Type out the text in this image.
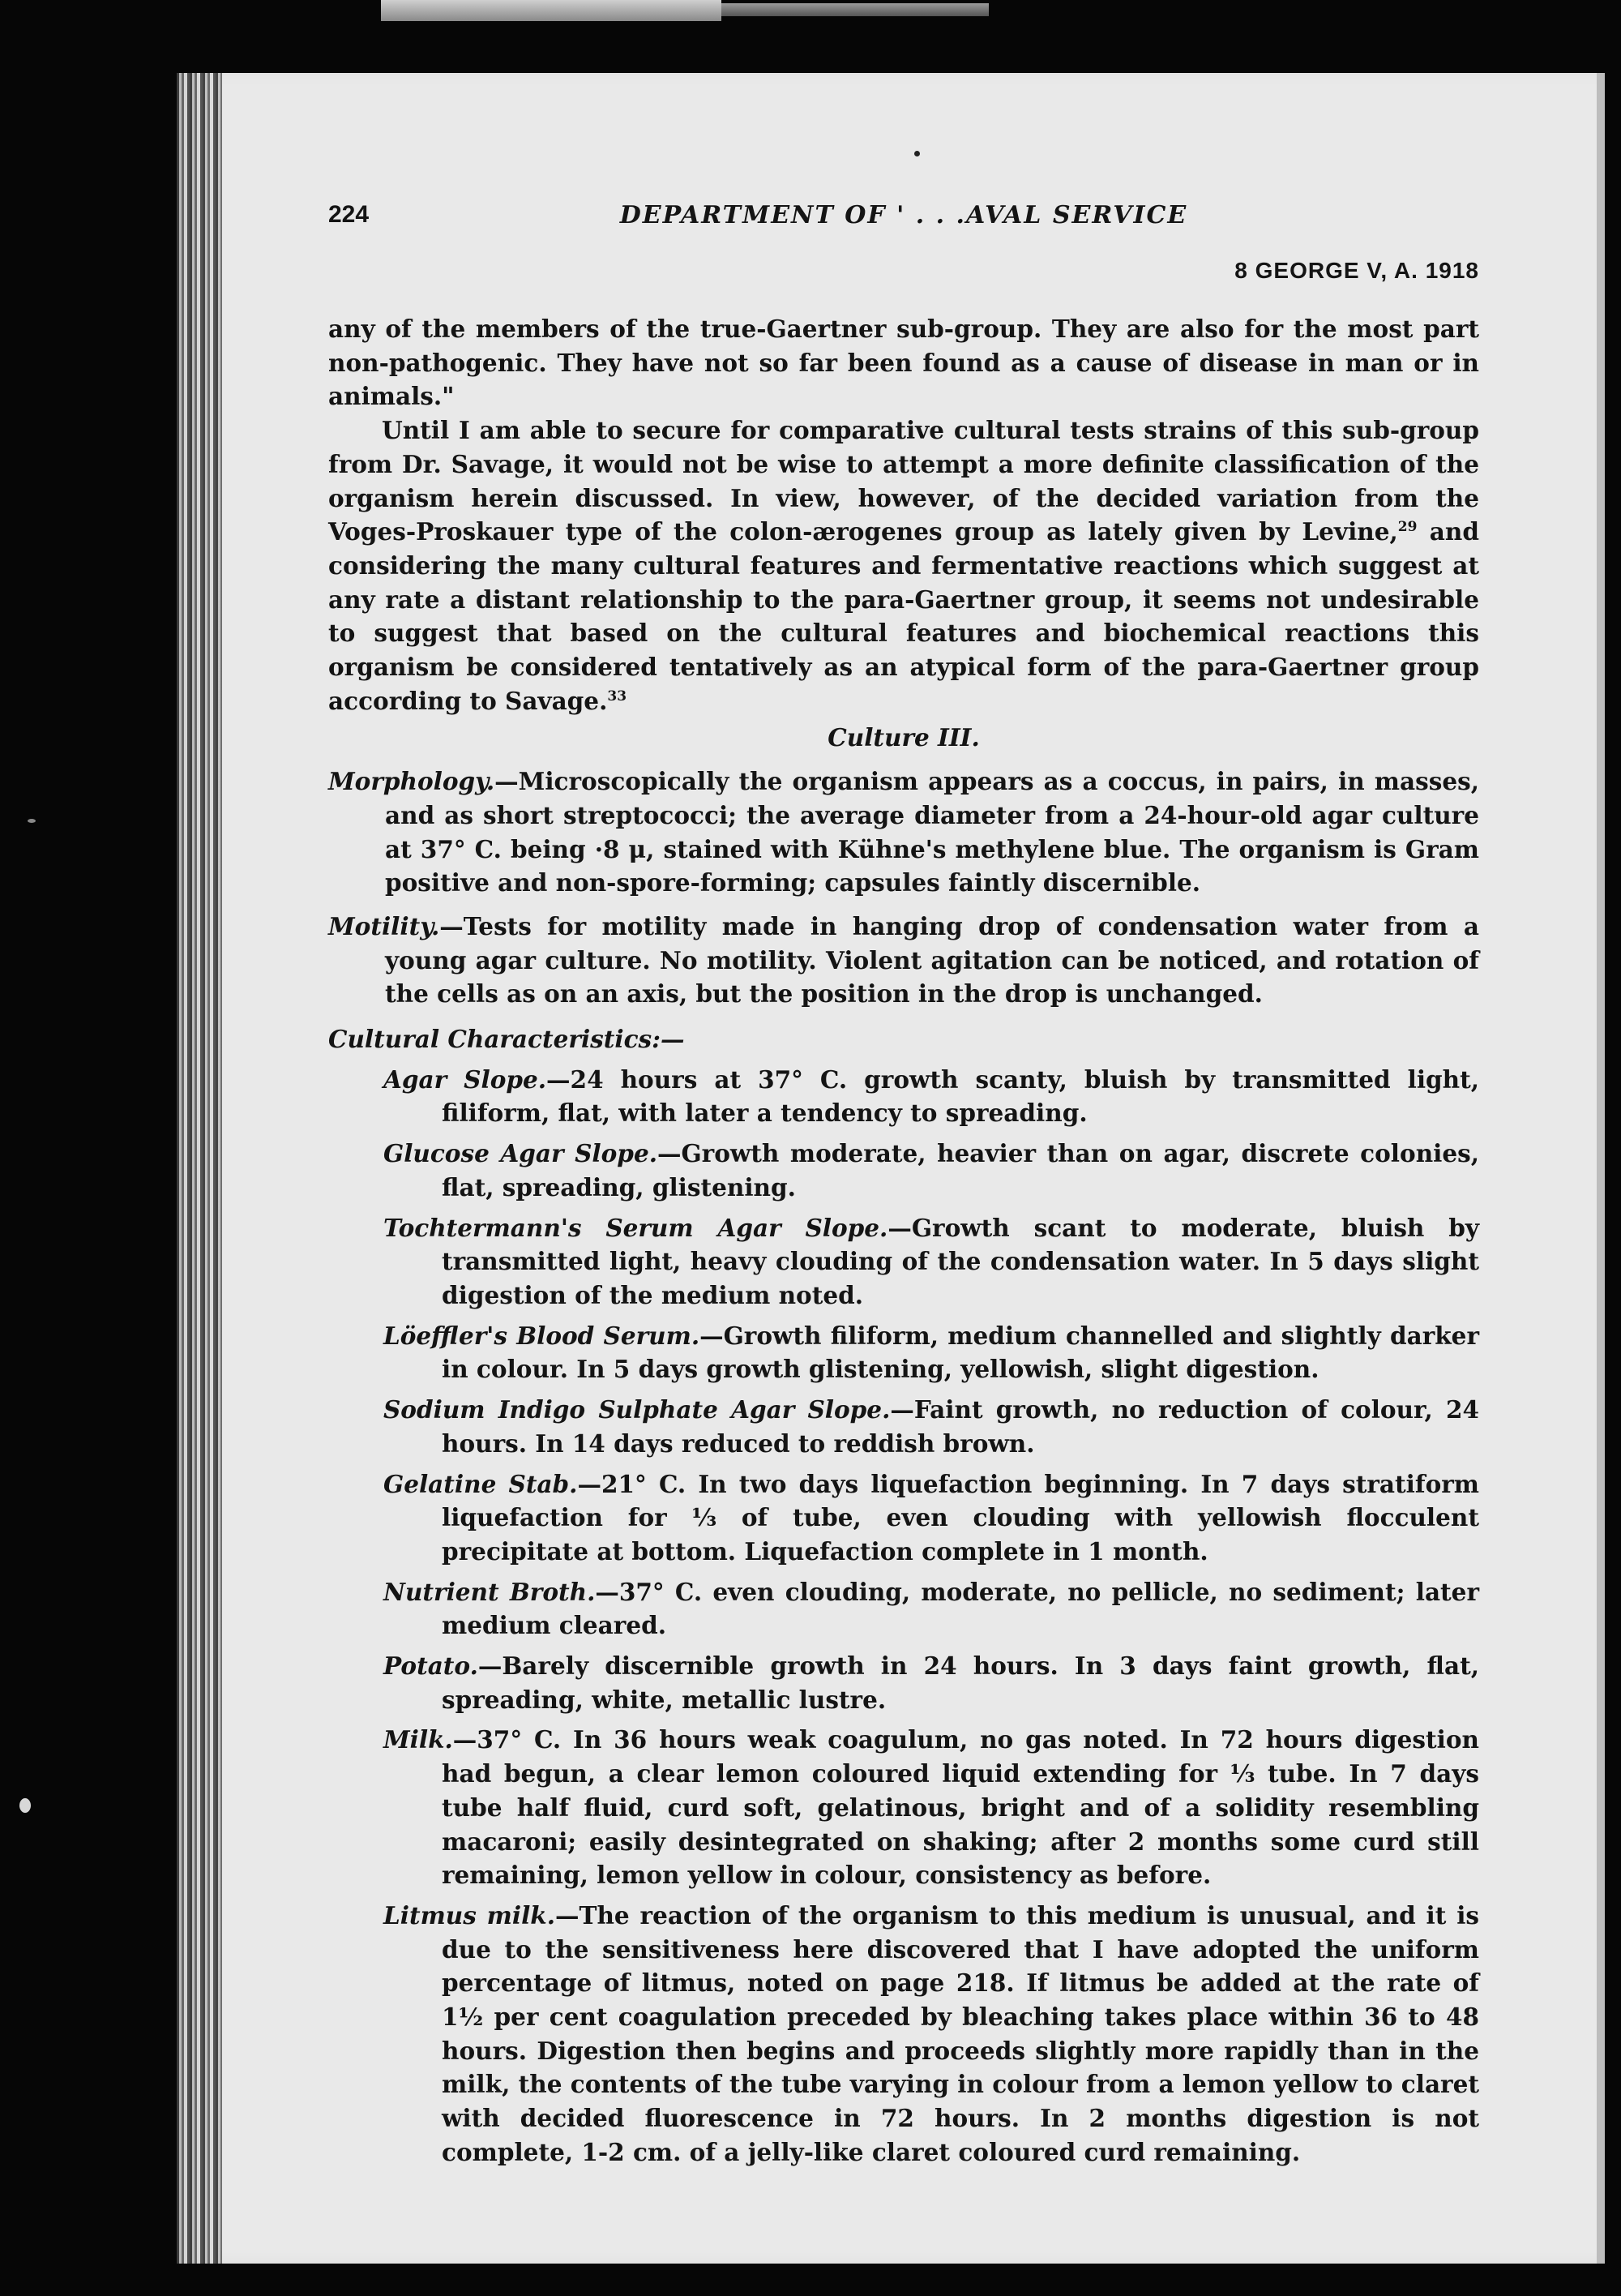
224	DEPARTMENT OF ' . . .AVAL SERVICE
8 GEORGE V, A. 1918

any of the members of the true-Gaertner sub-group. They are also for the most part non-pathogenic. They have not so far been found as a cause of disease in man or in animals."

Until I am able to secure for comparative cultural tests strains of this sub-group from Dr. Savage, it would not be wise to attempt a more definite classification of the organism herein discussed. In view, however, of the decided variation from the Voges-Proskauer type of the colon-ærogenes group as lately given by Levine,$^{29}$ and considering the many cultural features and fermentative reactions which suggest at any rate a distant relationship to the para-Gaertner group, it seems not undesirable to suggest that based on the cultural features and biochemical reactions this organism be considered tentatively as an atypical form of the para-Gaertner group according to Savage.$^{33}$

Culture III.

Morphology.—Microscopically the organism appears as a coccus, in pairs, in masses, and as short streptococci; the average diameter from a 24-hour-old agar culture at 37° C. being ·8 μ, stained with Kühne's methylene blue. The organism is Gram positive and non-spore-forming; capsules faintly discernible.

Motility.—Tests for motility made in hanging drop of condensation water from a young agar culture. No motility. Violent agitation can be noticed, and rotation of the cells as on an axis, but the position in the drop is unchanged.

Cultural Characteristics:—

Agar Slope.—24 hours at 37° C. growth scanty, bluish by transmitted light, filiform, flat, with later a tendency to spreading.

Glucose Agar Slope.—Growth moderate, heavier than on agar, discrete colonies, flat, spreading, glistening.

Tochtermann's Serum Agar Slope.—Growth scant to moderate, bluish by transmitted light, heavy clouding of the condensation water. In 5 days slight digestion of the medium noted.

Löeffler's Blood Serum.—Growth filiform, medium channelled and slightly darker in colour. In 5 days growth glistening, yellowish, slight digestion.

Sodium Indigo Sulphate Agar Slope.—Faint growth, no reduction of colour, 24 hours. In 14 days reduced to reddish brown.

Gelatine Stab.—21° C. In two days liquefaction beginning. In 7 days stratiform liquefaction for ⅓ of tube, even clouding with yellowish flocculent precipitate at bottom. Liquefaction complete in 1 month.

Nutrient Broth.—37° C. even clouding, moderate, no pellicle, no sediment; later medium cleared.

Potato.—Barely discernible growth in 24 hours. In 3 days faint growth, flat, spreading, white, metallic lustre.

Milk.—37° C. In 36 hours weak coagulum, no gas noted. In 72 hours digestion had begun, a clear lemon coloured liquid extending for ⅓ tube. In 7 days tube half fluid, curd soft, gelatinous, bright and of a solidity resembling macaroni; easily desintegrated on shaking; after 2 months some curd still remaining, lemon yellow in colour, consistency as before.

Litmus milk.—The reaction of the organism to this medium is unusual, and it is due to the sensitiveness here discovered that I have adopted the uniform percentage of litmus, noted on page 218. If litmus be added at the rate of 1½ per cent coagulation preceded by bleaching takes place within 36 to 48 hours. Digestion then begins and proceeds slightly more rapidly than in the milk, the contents of the tube varying in colour from a lemon yellow to claret with decided fluorescence in 72 hours. In 2 months digestion is not complete, 1-2 cm. of a jelly-like claret coloured curd remaining.
